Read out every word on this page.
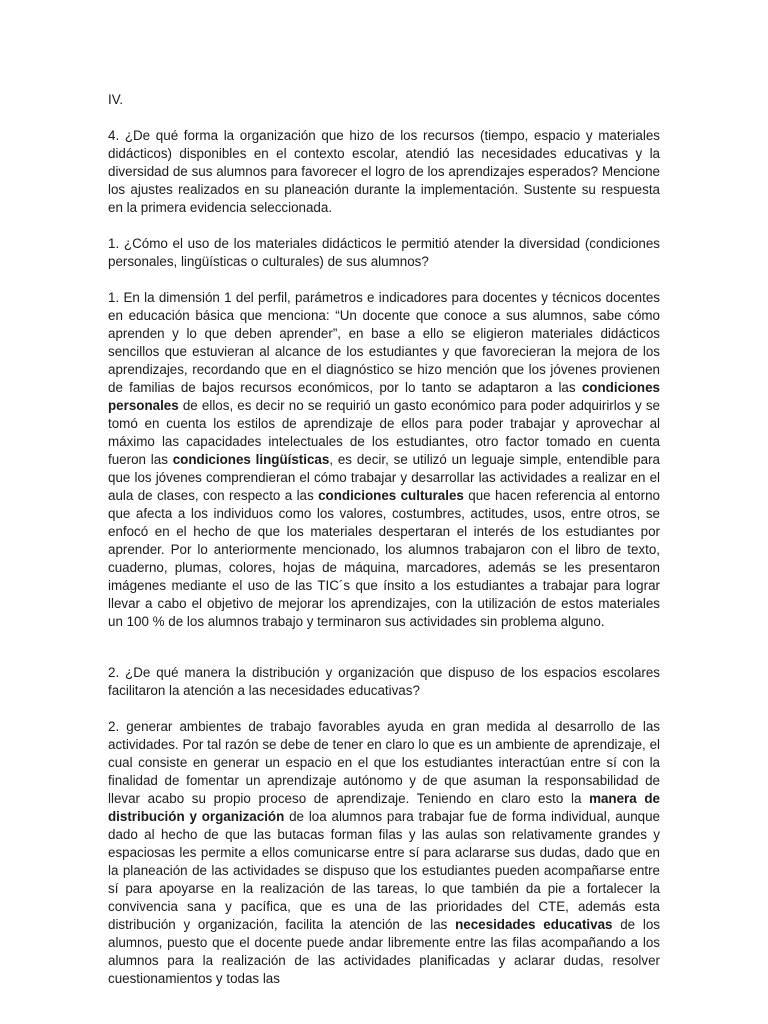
IV.

4. ¿De qué forma la organización que hizo de los recursos (tiempo, espacio y materiales didácticos) disponibles en el contexto escolar, atendió las necesidades educativas y la diversidad de sus alumnos para favorecer el logro de los aprendizajes esperados? Mencione los ajustes realizados en su planeación durante la implementación. Sustente su respuesta en la primera evidencia seleccionada.

1. ¿Cómo el uso de los materiales didácticos le permitió atender la diversidad (condiciones personales, lingüísticas o culturales) de sus alumnos?

1. En la dimensión 1 del perfil, parámetros e indicadores para docentes y técnicos docentes en educación básica que menciona: “Un docente que conoce a sus alumnos, sabe cómo aprenden y lo que deben aprender”, en base a ello se eligieron materiales didácticos sencillos que estuvieran al alcance de los estudiantes y que favorecieran la mejora de los aprendizajes, recordando que en el diagnóstico se hizo mención que los jóvenes provienen de familias de bajos recursos económicos, por lo tanto se adaptaron a las condiciones personales de ellos, es decir no se requirió un gasto económico para poder adquirirlos y se tomó en cuenta los estilos de aprendizaje de ellos para poder trabajar y aprovechar al máximo las capacidades intelectuales de los estudiantes, otro factor tomado en cuenta fueron las condiciones lingüísticas, es decir, se utilizó un leguaje simple, entendible para que los jóvenes comprendieran el cómo trabajar y desarrollar las actividades a realizar en el aula de clases, con respecto a las condiciones culturales que hacen referencia al entorno que afecta a los individuos como los valores, costumbres, actitudes, usos, entre otros, se enfocó en el hecho de que los materiales despertaran el interés de los estudiantes por aprender. Por lo anteriormente mencionado, los alumnos trabajaron con el libro de texto, cuaderno, plumas, colores, hojas de máquina, marcadores, además se les presentaron imágenes mediante el uso de las TIC´s que ínsito a los estudiantes a trabajar para lograr llevar a cabo el objetivo de mejorar los aprendizajes, con la utilización de estos materiales un 100 % de los alumnos trabajo y terminaron sus actividades sin problema alguno.

2. ¿De qué manera la distribución y organización que dispuso de los espacios escolares facilitaron la atención a las necesidades educativas?

2. generar ambientes de trabajo favorables ayuda en gran medida al desarrollo de las actividades. Por tal razón se debe de tener en claro lo que es un ambiente de aprendizaje, el cual consiste en generar un espacio en el que los estudiantes interactúan entre sí con la finalidad de fomentar un aprendizaje autónomo y de que asuman la responsabilidad de llevar acabo su propio proceso de aprendizaje. Teniendo en claro esto la manera de distribución y organización de loa alumnos para trabajar fue de forma individual, aunque dado al hecho de que las butacas forman filas y las aulas son relativamente grandes y espaciosas les permite a ellos comunicarse entre sí para aclararse sus dudas, dado que en la planeación de las actividades se dispuso que los estudiantes pueden acompañarse entre sí para apoyarse en la realización de las tareas, lo que también da pie a fortalecer la convivencia sana y pacífica, que es una de las prioridades del CTE, además esta distribución y organización, facilita la atención de las necesidades educativas de los alumnos, puesto que el docente puede andar libremente entre las filas acompañando a los alumnos para la realización de las actividades planificadas y aclarar dudas, resolver cuestionamientos y todas las
